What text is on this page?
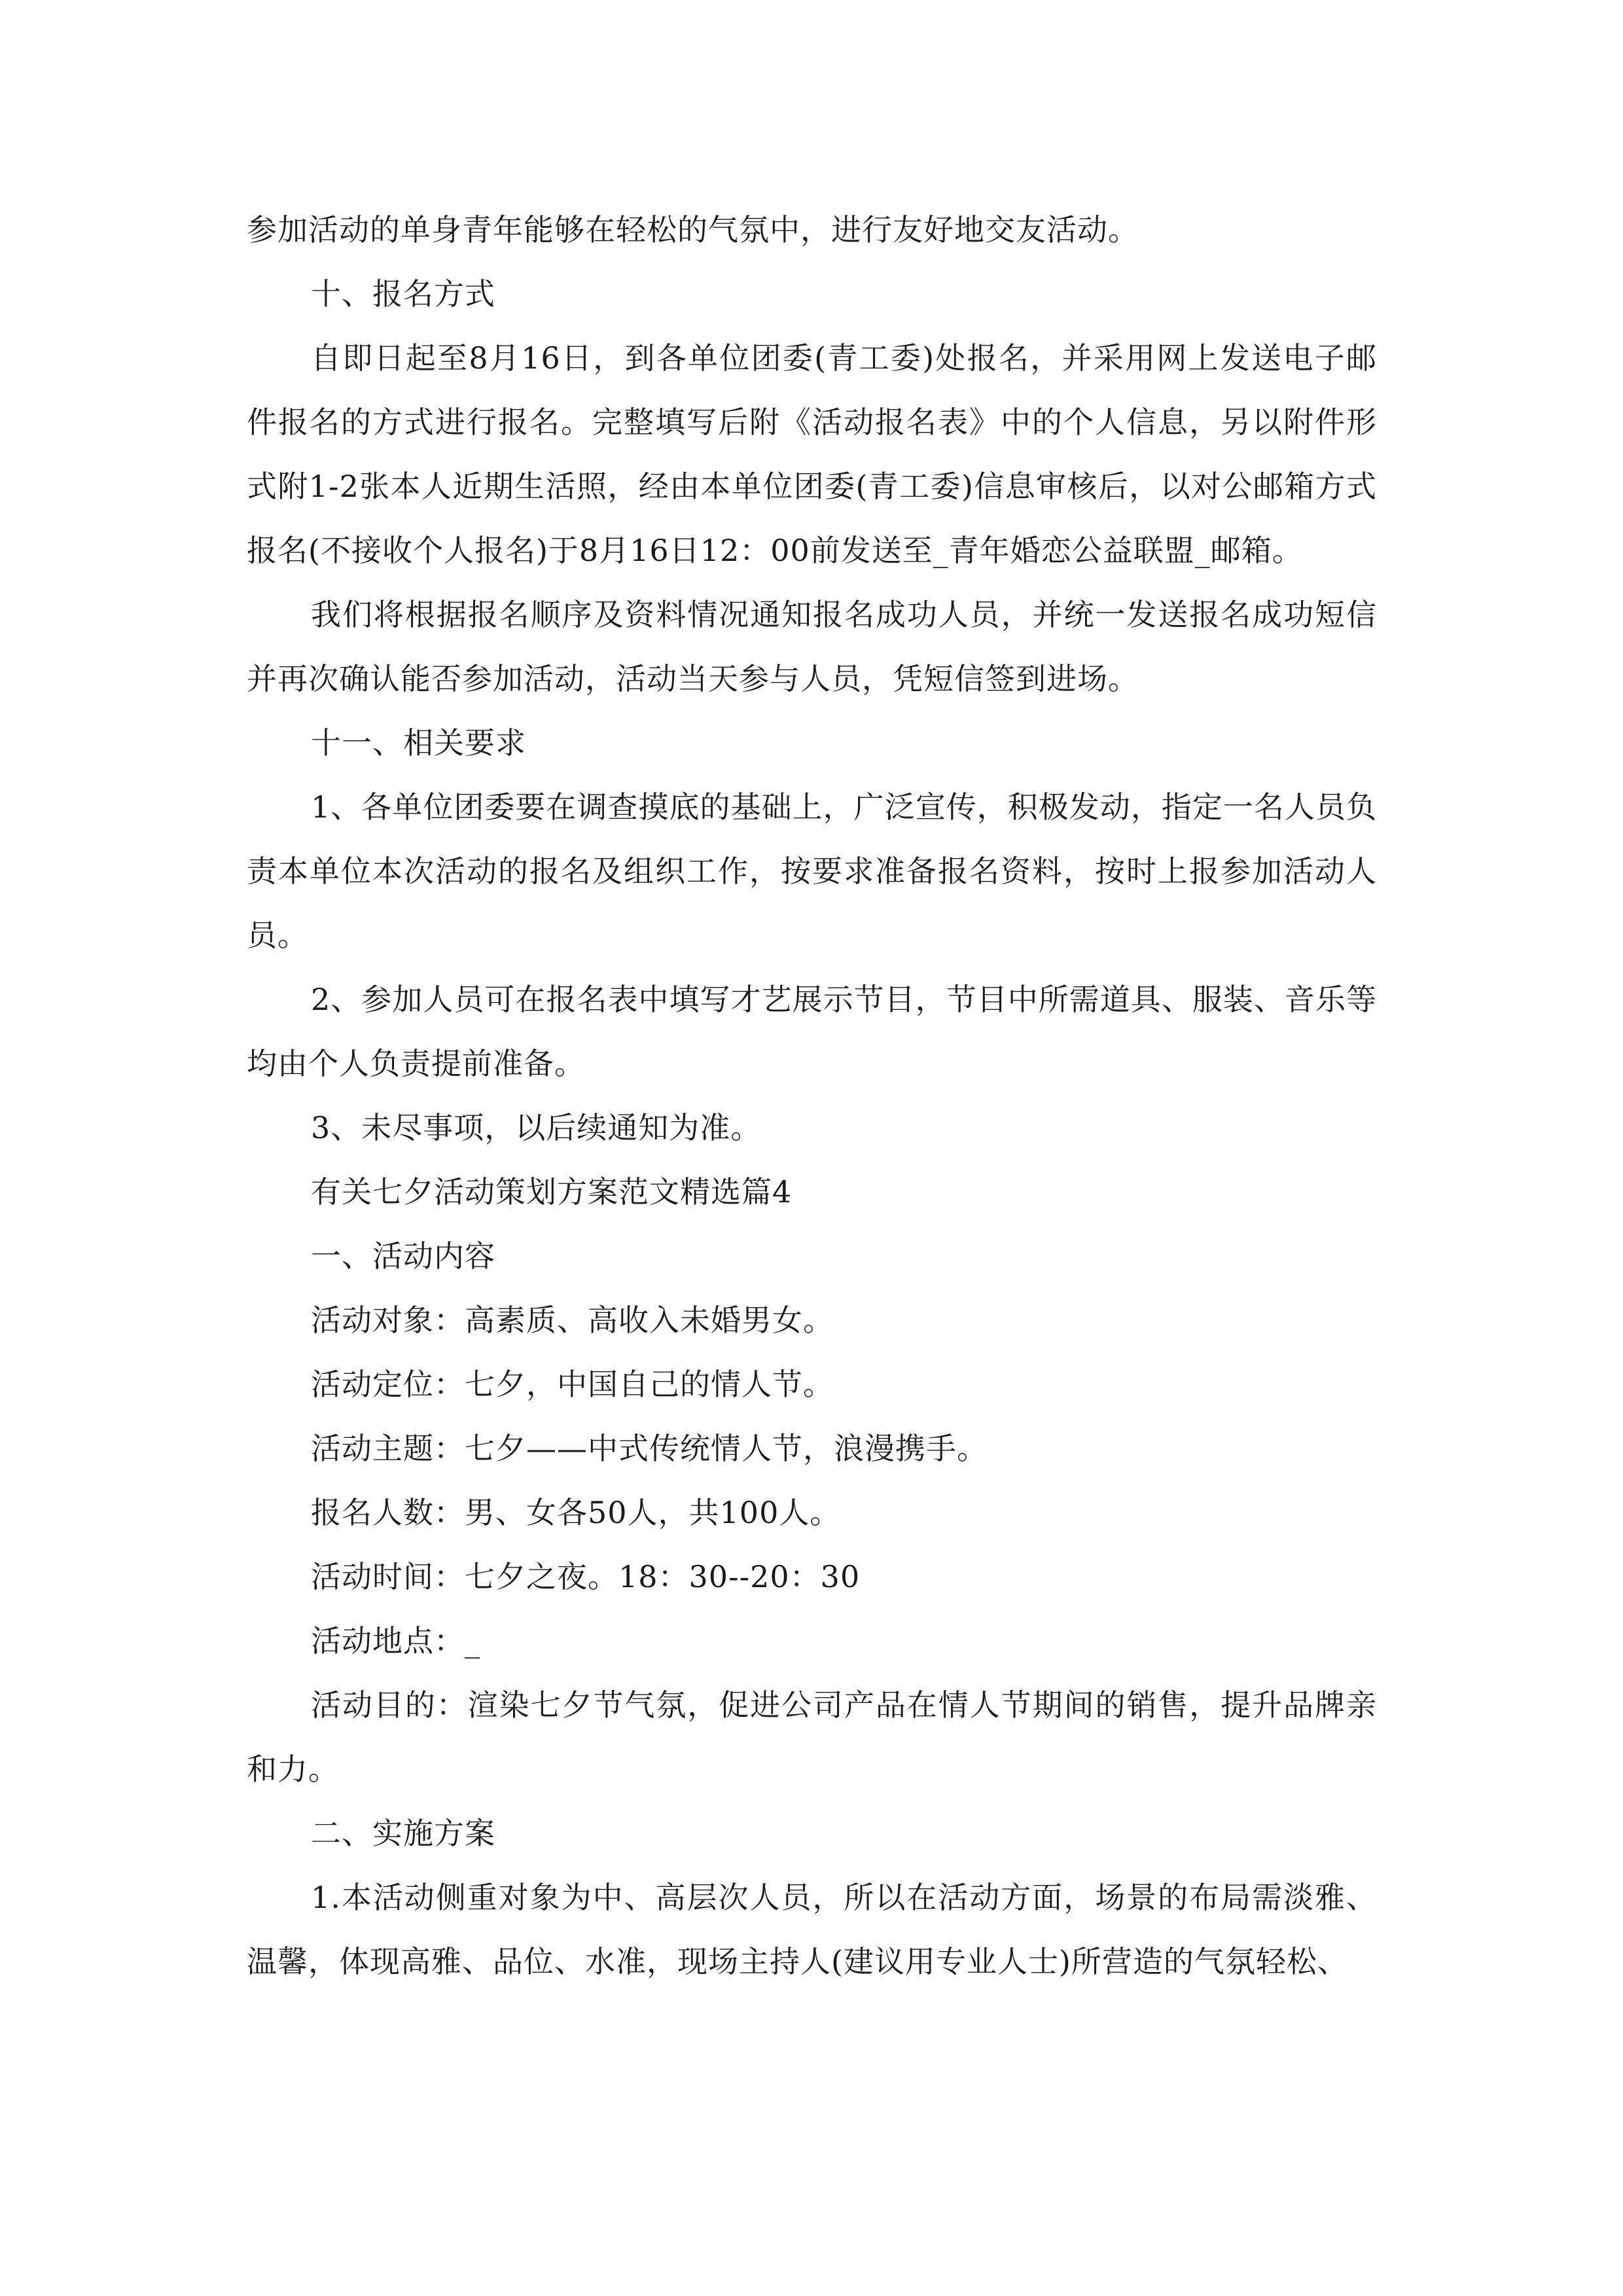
参加活动的单身青年能够在轻松的气氛中，进行友好地交友活动。

十、报名方式

自即日起至8月16日，到各单位团委(青工委)处报名，并采用网上发送电子邮件报名的方式进行报名。完整填写后附《活动报名表》中的个人信息，另以附件形式附1-2张本人近期生活照，经由本单位团委(青工委)信息审核后，以对公邮箱方式报名(不接收个人报名)于8月16日12：00前发送至_青年婚恋公益联盟_邮箱。

我们将根据报名顺序及资料情况通知报名成功人员，并统一发送报名成功短信并再次确认能否参加活动，活动当天参与人员，凭短信签到进场。

十一、相关要求

1、各单位团委要在调查摸底的基础上，广泛宣传，积极发动，指定一名人员负责本单位本次活动的报名及组织工作，按要求准备报名资料，按时上报参加活动人员。

2、参加人员可在报名表中填写才艺展示节目，节目中所需道具、服装、音乐等均由个人负责提前准备。

3、未尽事项，以后续通知为准。

有关七夕活动策划方案范文精选篇4

一、活动内容

活动对象：高素质、高收入未婚男女。

活动定位：七夕，中国自己的情人节。

活动主题：七夕——中式传统情人节，浪漫携手。

报名人数：男、女各50人，共100人。

活动时间：七夕之夜。18：30--20：30

活动地点：_

活动目的：渲染七夕节气氛，促进公司产品在情人节期间的销售，提升品牌亲和力。

二、实施方案

1.本活动侧重对象为中、高层次人员，所以在活动方面，场景的布局需淡雅、温馨，体现高雅、品位、水准，现场主持人(建议用专业人士)所营造的气氛轻松、
